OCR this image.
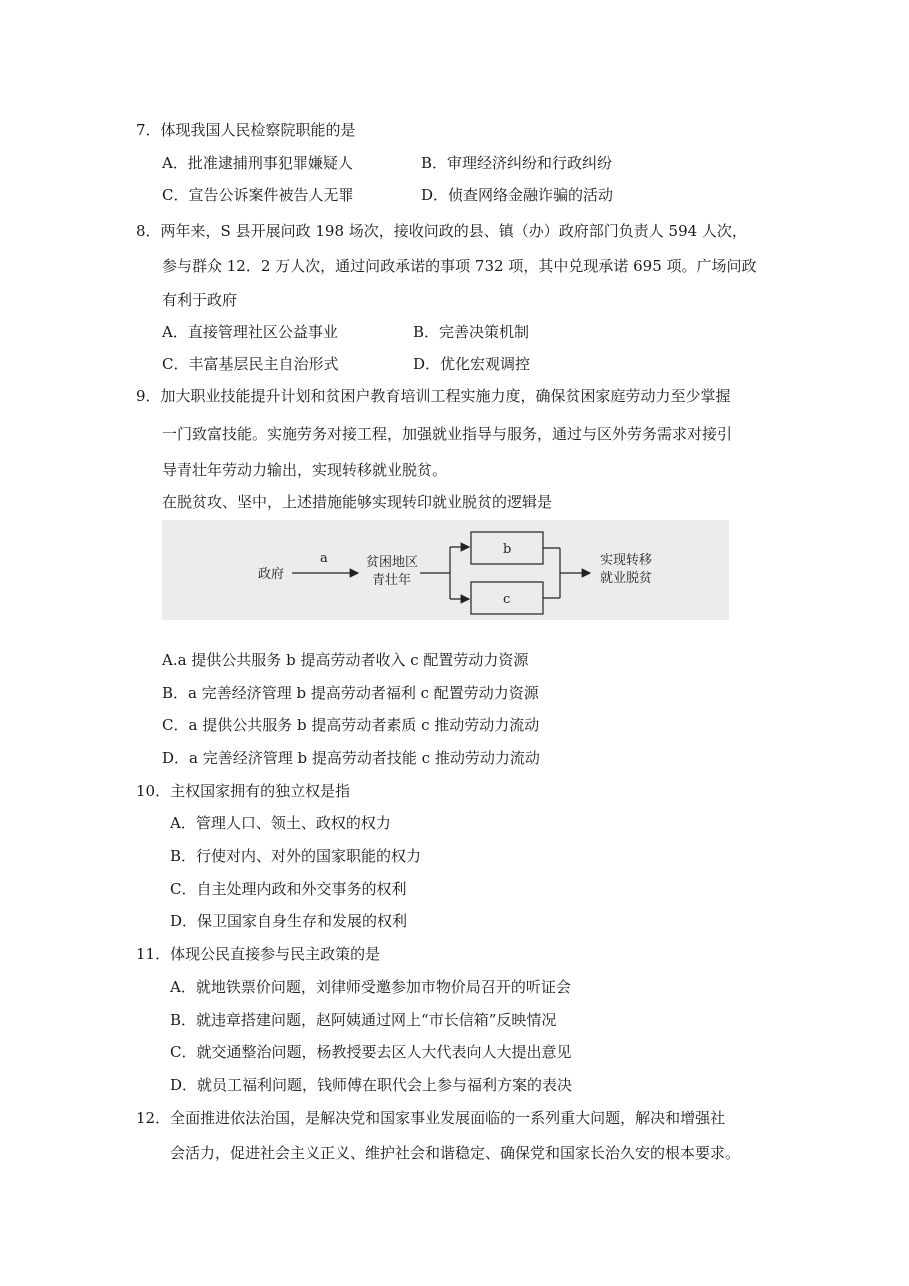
7．体现我国人民检察院职能的是
A．批准逮捕刑事犯罪嫌疑人	B．审理经济纠纷和行政纠纷
C．宣告公诉案件被告人无罪	D．侦查网络金融诈骗的活动
8．两年来，S 县开展问政 198 场次，接收问政的县、镇（办）政府部门负责人 594 人次，
参与群众 12．2 万人次，通过问政承诺的事项 732 项，其中兑现承诺 695 项。广场问政
有利于政府
A．直接管理社区公益事业	B．完善决策机制
C．丰富基层民主自治形式	D．优化宏观调控
9．加大职业技能提升计划和贫困户教育培训工程实施力度，确保贫困家庭劳动力至少掌握
一门致富技能。实施劳务对接工程，加强就业指导与服务，通过与区外劳务需求对接引
导青壮年劳动力输出，实现转移就业脱贫。
在脱贫攻、坚中，上述措施能够实现转印就业脱贫的逻辑是
政府
a	贫困地区
青壮年
b
c
实现转移
就业脱贫
A.a 提供公共服务 b 提高劳动者收入 c 配置劳动力资源
B．a 完善经济管理 b 提高劳动者福利 c 配置劳动力资源
C．a 提供公共服务 b 提高劳动者素质 c 推动劳动力流动
D．a 完善经济管理 b 提高劳动者技能 c 推动劳动力流动
10．主权国家拥有的独立权是指
A．管理人口、领土、政权的权力
B．行使对内、对外的国家职能的权力
C．自主处理内政和外交事务的权利
D．保卫国家自身生存和发展的权利
11．体现公民直接参与民主政策的是
A．就地铁票价问题，刘律师受邀参加市物价局召开的听证会
B．就违章搭建问题，赵阿姨通过网上“市长信箱”反映情况
C．就交通整治问题，杨教授要去区人大代表向人大提出意见
D．就员工福利问题，钱师傅在职代会上参与福利方案的表决
12．全面推进依法治国，是解决党和国家事业发展面临的一系列重大问题，解决和增强社
会活力，促进社会主义正义、维护社会和谐稳定、确保党和国家长治久安的根本要求。
